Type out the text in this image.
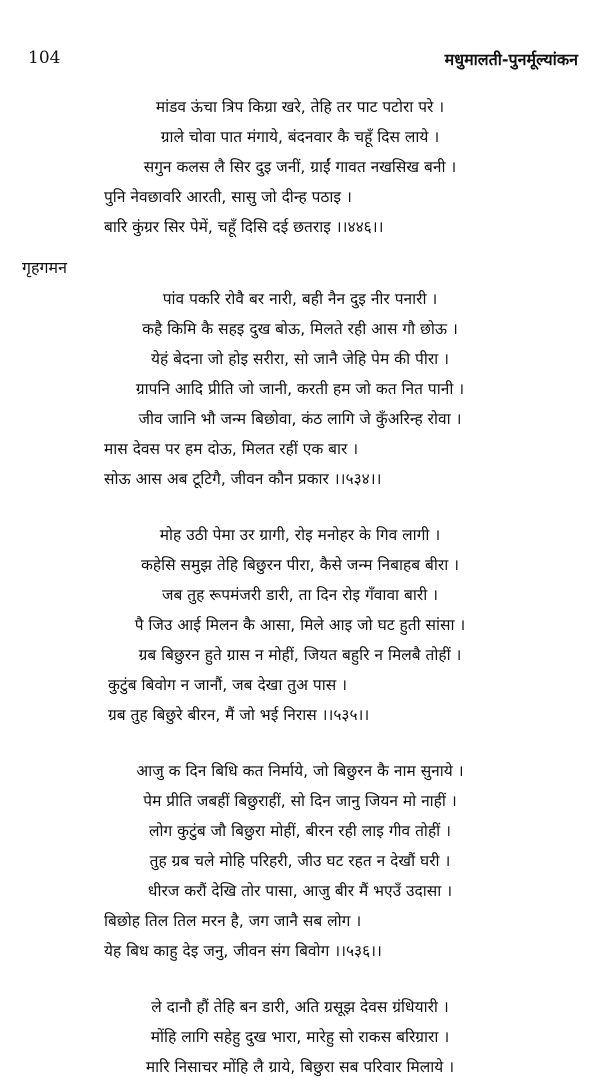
104	मधुमालती-पुनर्मूल्यांकन
मांडव ऊंचा त्रिप किग्रा खरे, तेहि तर पाट पटोरा परे ।
ग्राले चोवा पात मंगाये, बंदनवार कै चहूँ दिस लाये ।
सगुन कलस लै सिर दुइ जनीं, ग्राईं गावत नखसिख बनी ।
पुनि नेवछावरि आरती, सासु जो दीन्ह पठाइ ।
बारि कुंग्रर सिर पेमें, चहूँ दिसि दई छतराइ ।।४४६।।
गृहगमन
पांव पकरि रोवै बर नारी, बही नैन दुइ नीर पनारी ।
कहै किमि कै सहइ दुख बोऊ, मिलते रही आस गौ छोऊ ।
येहं बेदना जो होइ सरीरा, सो जानै जेहि पेम की पीरा ।
ग्रापनि आदि प्रीति जो जानी, करती हम जो कत नित पानी ।
जीव जानि भौ जन्म बिछोवा, कंठ लागि जे कुँअरिन्ह रोवा ।
मास देवस पर हम दोऊ, मिलत रहीं एक बार ।
सोऊ आस अब टूटिगै, जीवन कौन प्रकार ।।५३४।।
मोह उठी पेमा उर ग्रागी, रोइ मनोहर के गिव लागी ।
कहेसि समुझ तेहि बिछुरन पीरा, कैसे जन्म निबाहब बीरा ।
जब तुह रूपमंजरी डारी, ता दिन रोइ गँवावा बारी ।
पै जिउ आई मिलन कै आसा, मिले आइ जो घट हुती सांसा ।
ग्रब बिछुरन हुते ग्रास न मोहीं, जियत बहुरि न मिलबै तोहीं ।
कुटुंब बिवोग न जानौं, जब देखा तुअ पास ।
ग्रब तुह बिछुरे बीरन, मैं जो भई निरास ।।५३५।।
आजु क दिन बिधि कत निर्माये, जो बिछुरन कै नाम सुनाये ।
पेम प्रीति जबहीं बिछुराहीं, सो दिन जानु जियन मो नाहीं ।
लोग कुटुंब जौ बिछुरा मोहीं, बीरन रही लाइ गीव तोहीं ।
तुह ग्रब चले मोहि परिहरी, जीउ घट रहत न देखौं घरी ।
धीरज करौं देखि तोर पासा, आजु बीर मैं भएउँ उदासा ।
बिछोह तिल तिल मरन है, जग जानै सब लोग ।
येह बिध काहु देइ जनु, जीवन संग बिवोग ।।५३६।।
ले दानौ हौं तेहि बन डारी, अति ग्रसूझ देवस ग्रंधियारी ।
मोंहि लागि सहेहु दुख भारा, मारेहु सो राकस बरिग्रारा ।
मारि निसाचर मोंहि लै ग्राये, बिछुरा सब परिवार मिलाये ।
